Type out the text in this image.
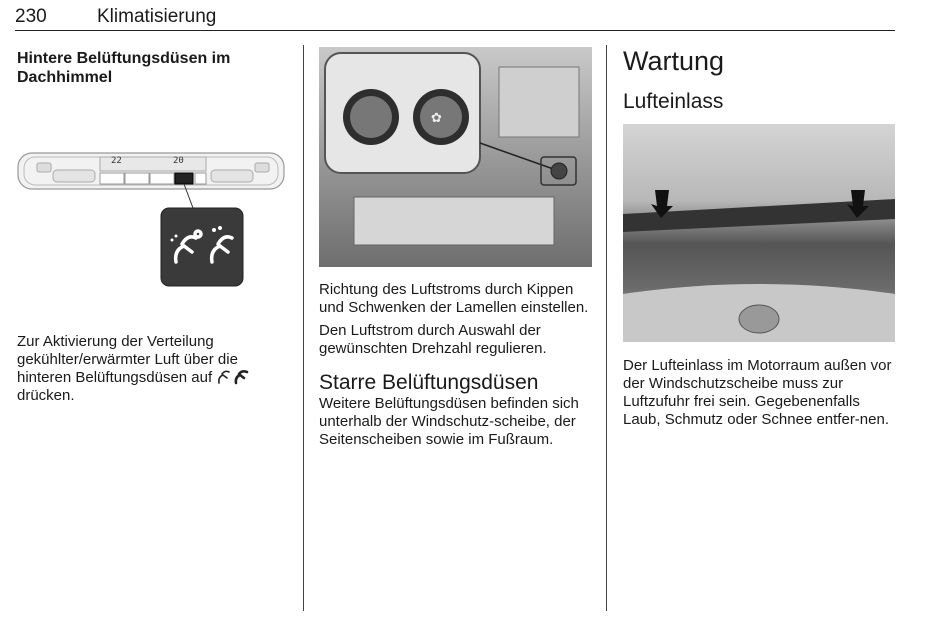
230	Klimatisierung

Hintere Belüftungsdüsen im Dachhimmel

22	20

Zur Aktivierung der Verteilung gekühlter/erwärmter Luft über die hinteren Belüftungsdüsen auf

drücken.

✿

Richtung des Luftstroms durch Kippen und Schwenken der Lamellen einstellen.

Den Luftstrom durch Auswahl der gewünschten Drehzahl regulieren.

Starre Belüftungsdüsen

Weitere Belüftungsdüsen befinden sich unterhalb der Windschutz-scheibe, der Seitenscheiben sowie im Fußraum.

Wartung
Lufteinlass

Der Lufteinlass im Motorraum außen vor der Windschutzscheibe muss zur Luftzufuhr frei sein. Gegebenenfalls Laub, Schmutz oder Schnee entfer-nen.
